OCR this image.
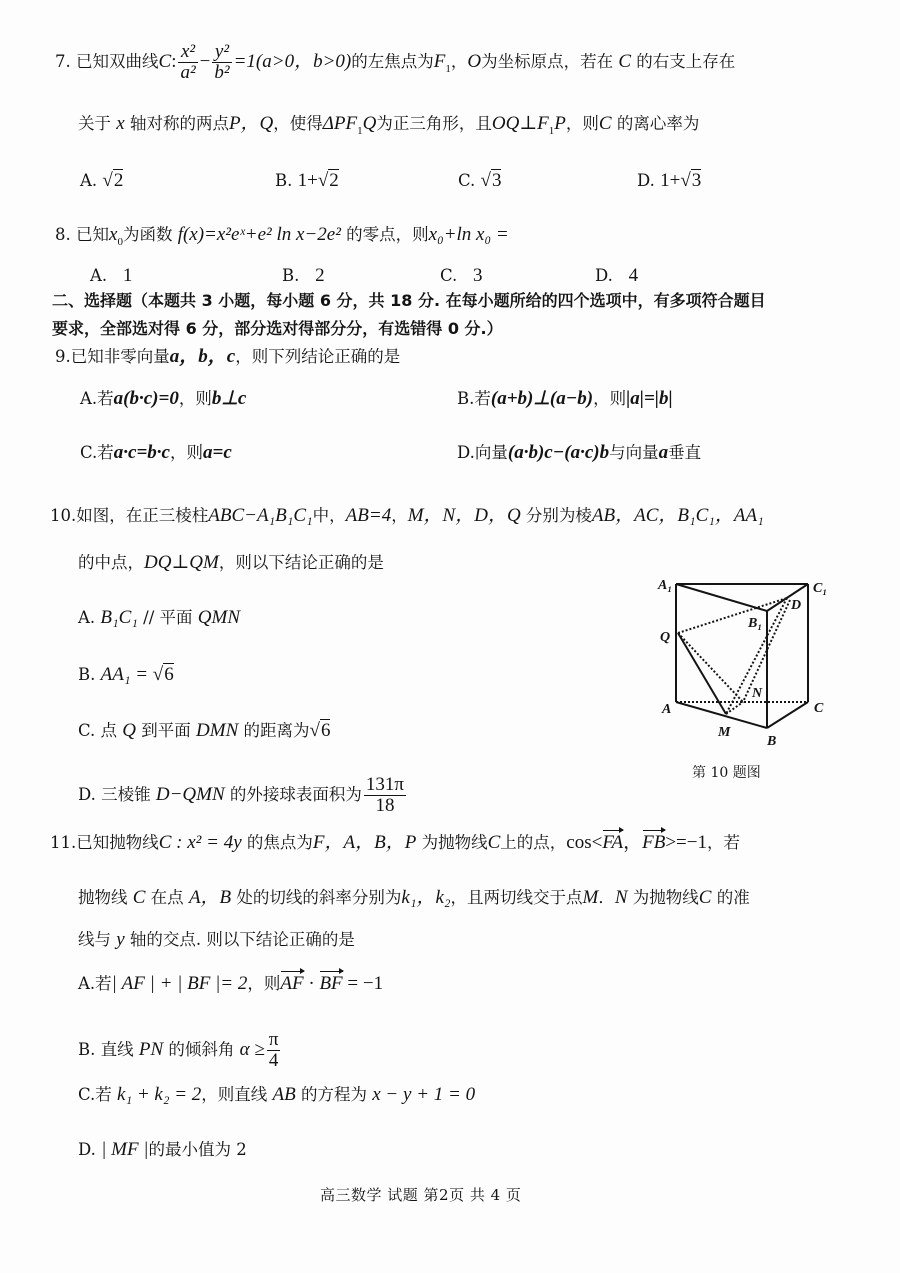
7. 已知双曲线C: $\frac{\text{x²}}{\text{a²}} - \frac{\text{y²}}{\text{b²}} =1(a>0$，b>0)的左焦点为$F_1$，O为坐标原点，若在 C 的右支上存在
关于 x 轴对称的两点P，Q，使得$\Delta PF_1Q$为正三角形，且$OQ\perp F_1P$，则C 的离心率为
A. √2	B. 1+√2	C. √3	D. 1+√3
8. 已知$x_0$为函数 f(x)=x²eˣ+e² ln x−2e² 的零点，则x₀+ln x₀ =
A. 1	B. 2	C. 3	D. 4
二、选择题（本题共 3 小题，每小题 6 分，共 18 分. 在每小题所给的四个选项中，有多项符合题目
要求，全部选对得 6 分，部分选对得部分分，有选错得 0 分.）
9.已知非零向量a，b，c，则下列结论正确的是
A.若a(b·c)=0，则b⊥c	B.若(a+b)⊥(a−b)，则|a|=|b|
C.若a·c=b·c，则a=c	D.向量(a·b)c−(a·c)b与向量a垂直
10.如图，在正三棱柱ABC−A₁B₁C₁中，AB=4，M，N，D，Q 分别为棱AB，AC，B₁C₁，AA₁
的中点，DQ⊥QM，则以下结论正确的是
A. B₁C₁ // 平面 QMN
B. AA₁ = √6
C. 点 Q 到平面 DMN 的距离为√6
D. 三棱锥 D−QMN 的外接球表面积为 $\frac{131\pi}{18}$
A₁	C₁
B₁
D
Q
N
A	C
M
B
第 10 题图
11.已知抛物线C : x² = 4y 的焦点为F，A，B，P 为抛物线C上的点，cos<FA，FB>=−1，若
抛物线 C 在点 A，B 处的切线的斜率分别为k₁，k₂，且两切线交于点M．N 为抛物线C 的准
线与 y 轴的交点. 则以下结论正确的是
A.若| AF | + | BF |= 2，则AF · BF = −1
B. 直线 PN 的倾斜角 $\alpha \ge \frac{\pi}{4}$
C.若 k₁ + k₂ = 2，则直线 AB 的方程为 x − y + 1 = 0
D. | MF |的最小值为 2
高三数学 试题 第2页 共 4 页
